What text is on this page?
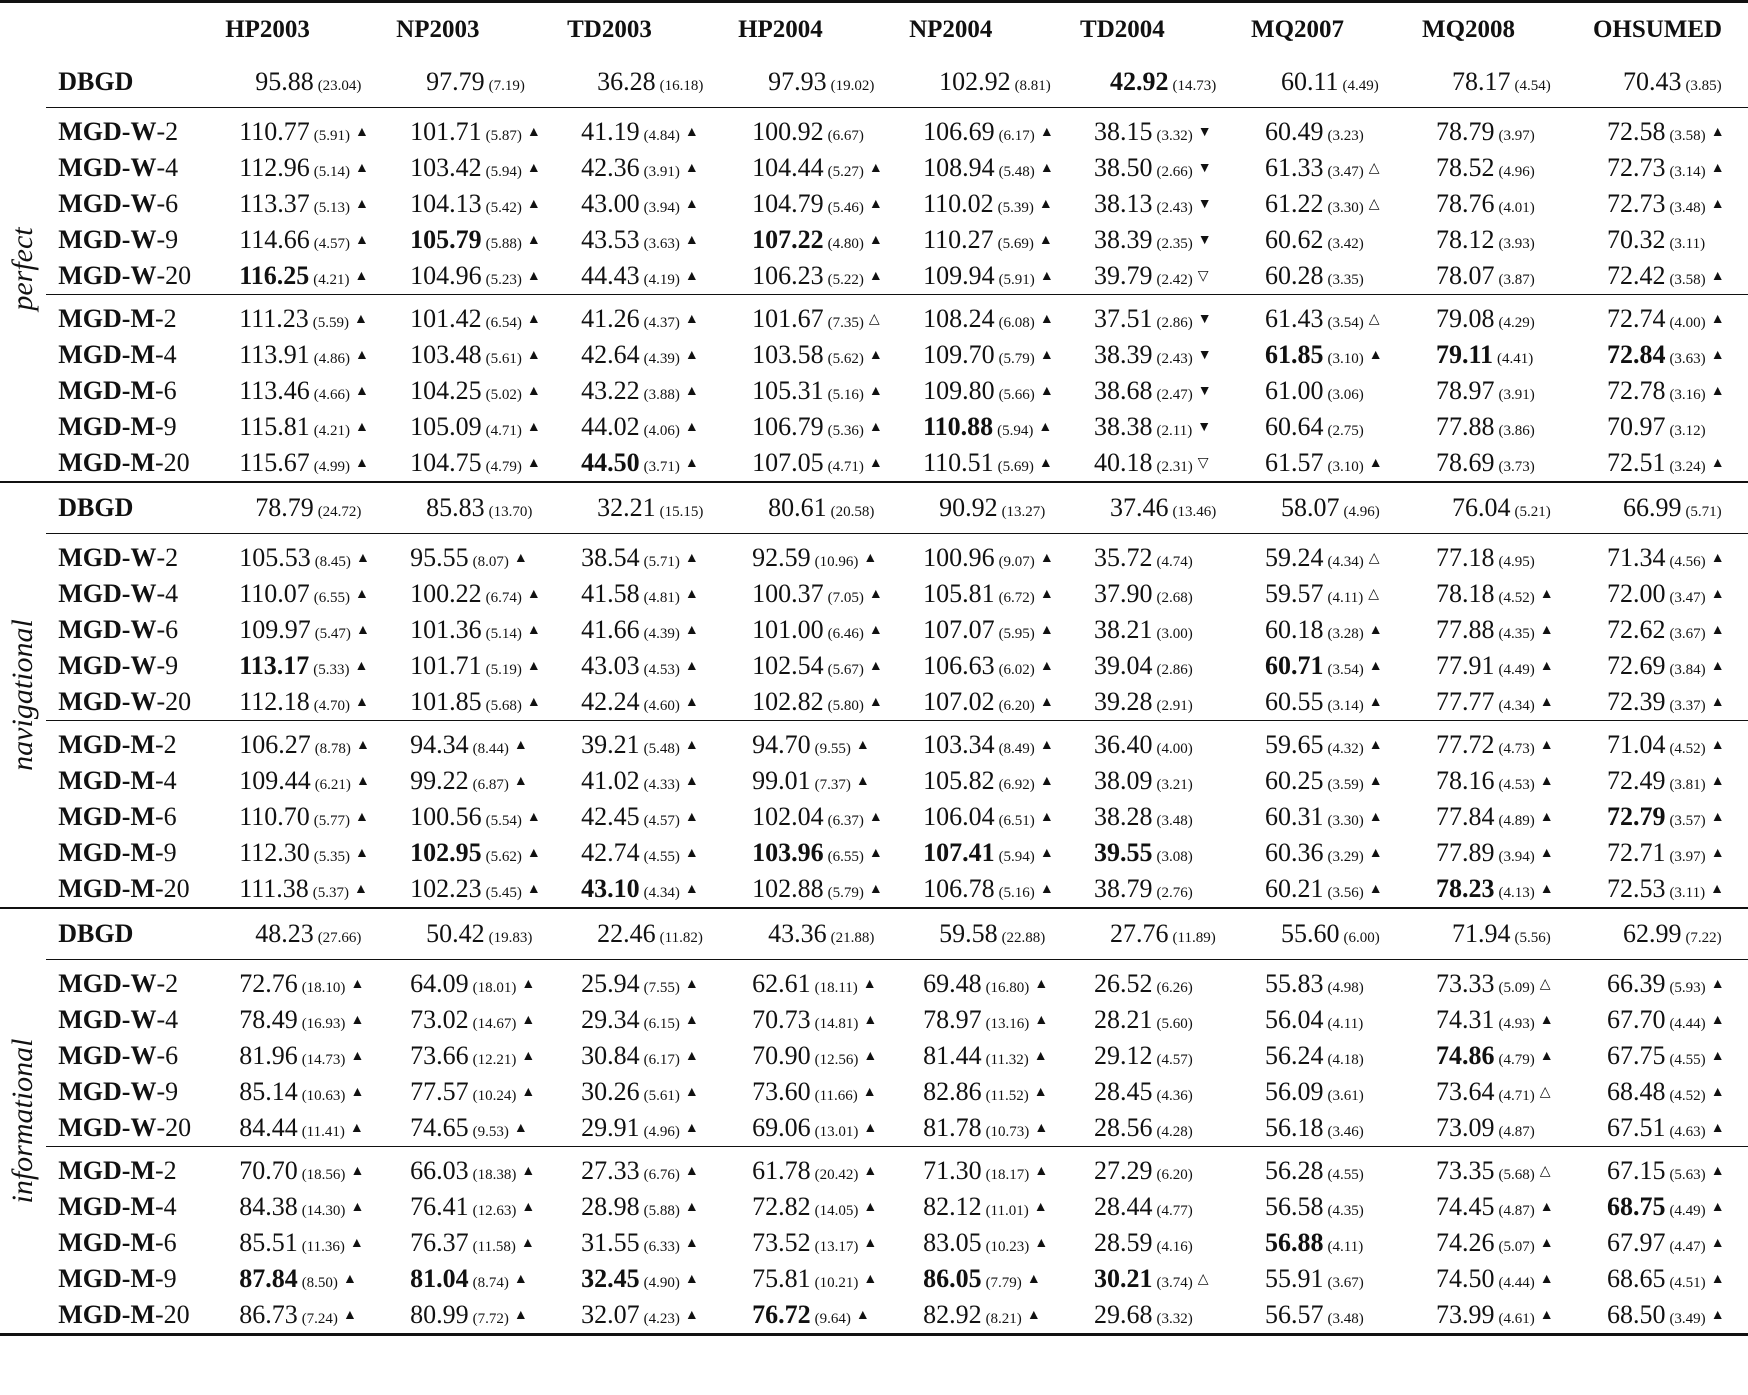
		HP2003	NP2003	TD2003	HP2004	NP2004	TD2004	MQ2007	MQ2008	OHSUMED

perfect	DBGD	95.88 (23.04)	97.79 (7.19)	36.28 (16.18)	97.93 (19.02)	102.92 (8.81)	42.92 (14.73)	60.11 (4.49)	78.17 (4.54)	70.43 (3.85)
	MGD-W-2	110.77 (5.91) ▲	101.71 (5.87) ▲	41.19 (4.84) ▲	100.92 (6.67)	106.69 (6.17) ▲	38.15 (3.32) ▼	60.49 (3.23)	78.79 (3.97)	72.58 (3.58) ▲
	MGD-W-4	112.96 (5.14) ▲	103.42 (5.94) ▲	42.36 (3.91) ▲	104.44 (5.27) ▲	108.94 (5.48) ▲	38.50 (2.66) ▼	61.33 (3.47) △	78.52 (4.96)	72.73 (3.14) ▲
	MGD-W-6	113.37 (5.13) ▲	104.13 (5.42) ▲	43.00 (3.94) ▲	104.79 (5.46) ▲	110.02 (5.39) ▲	38.13 (2.43) ▼	61.22 (3.30) △	78.76 (4.01)	72.73 (3.48) ▲
	MGD-W-9	114.66 (4.57) ▲	105.79 (5.88) ▲	43.53 (3.63) ▲	107.22 (4.80) ▲	110.27 (5.69) ▲	38.39 (2.35) ▼	60.62 (3.42)	78.12 (3.93)	70.32 (3.11)
	MGD-W-20	116.25 (4.21) ▲	104.96 (5.23) ▲	44.43 (4.19) ▲	106.23 (5.22) ▲	109.94 (5.91) ▲	39.79 (2.42) ▽	60.28 (3.35)	78.07 (3.87)	72.42 (3.58) ▲
	MGD-M-2	111.23 (5.59) ▲	101.42 (6.54) ▲	41.26 (4.37) ▲	101.67 (7.35) △	108.24 (6.08) ▲	37.51 (2.86) ▼	61.43 (3.54) △	79.08 (4.29)	72.74 (4.00) ▲
	MGD-M-4	113.91 (4.86) ▲	103.48 (5.61) ▲	42.64 (4.39) ▲	103.58 (5.62) ▲	109.70 (5.79) ▲	38.39 (2.43) ▼	61.85 (3.10) ▲	79.11 (4.41)	72.84 (3.63) ▲
	MGD-M-6	113.46 (4.66) ▲	104.25 (5.02) ▲	43.22 (3.88) ▲	105.31 (5.16) ▲	109.80 (5.66) ▲	38.68 (2.47) ▼	61.00 (3.06)	78.97 (3.91)	72.78 (3.16) ▲
	MGD-M-9	115.81 (4.21) ▲	105.09 (4.71) ▲	44.02 (4.06) ▲	106.79 (5.36) ▲	110.88 (5.94) ▲	38.38 (2.11) ▼	60.64 (2.75)	77.88 (3.86)	70.97 (3.12)
	MGD-M-20	115.67 (4.99) ▲	104.75 (4.79) ▲	44.50 (3.71) ▲	107.05 (4.71) ▲	110.51 (5.69) ▲	40.18 (2.31) ▽	61.57 (3.10) ▲	78.69 (3.73)	72.51 (3.24) ▲

navigational	DBGD	78.79 (24.72)	85.83 (13.70)	32.21 (15.15)	80.61 (20.58)	90.92 (13.27)	37.46 (13.46)	58.07 (4.96)	76.04 (5.21)	66.99 (5.71)
	MGD-W-2	105.53 (8.45) ▲	95.55 (8.07) ▲	38.54 (5.71) ▲	92.59 (10.96) ▲	100.96 (9.07) ▲	35.72 (4.74)	59.24 (4.34) △	77.18 (4.95)	71.34 (4.56) ▲
	MGD-W-4	110.07 (6.55) ▲	100.22 (6.74) ▲	41.58 (4.81) ▲	100.37 (7.05) ▲	105.81 (6.72) ▲	37.90 (2.68)	59.57 (4.11) △	78.18 (4.52) ▲	72.00 (3.47) ▲
	MGD-W-6	109.97 (5.47) ▲	101.36 (5.14) ▲	41.66 (4.39) ▲	101.00 (6.46) ▲	107.07 (5.95) ▲	38.21 (3.00)	60.18 (3.28) ▲	77.88 (4.35) ▲	72.62 (3.67) ▲
	MGD-W-9	113.17 (5.33) ▲	101.71 (5.19) ▲	43.03 (4.53) ▲	102.54 (5.67) ▲	106.63 (6.02) ▲	39.04 (2.86)	60.71 (3.54) ▲	77.91 (4.49) ▲	72.69 (3.84) ▲
	MGD-W-20	112.18 (4.70) ▲	101.85 (5.68) ▲	42.24 (4.60) ▲	102.82 (5.80) ▲	107.02 (6.20) ▲	39.28 (2.91)	60.55 (3.14) ▲	77.77 (4.34) ▲	72.39 (3.37) ▲
	MGD-M-2	106.27 (8.78) ▲	94.34 (8.44) ▲	39.21 (5.48) ▲	94.70 (9.55) ▲	103.34 (8.49) ▲	36.40 (4.00)	59.65 (4.32) ▲	77.72 (4.73) ▲	71.04 (4.52) ▲
	MGD-M-4	109.44 (6.21) ▲	99.22 (6.87) ▲	41.02 (4.33) ▲	99.01 (7.37) ▲	105.82 (6.92) ▲	38.09 (3.21)	60.25 (3.59) ▲	78.16 (4.53) ▲	72.49 (3.81) ▲
	MGD-M-6	110.70 (5.77) ▲	100.56 (5.54) ▲	42.45 (4.57) ▲	102.04 (6.37) ▲	106.04 (6.51) ▲	38.28 (3.48)	60.31 (3.30) ▲	77.84 (4.89) ▲	72.79 (3.57) ▲
	MGD-M-9	112.30 (5.35) ▲	102.95 (5.62) ▲	42.74 (4.55) ▲	103.96 (6.55) ▲	107.41 (5.94) ▲	39.55 (3.08)	60.36 (3.29) ▲	77.89 (3.94) ▲	72.71 (3.97) ▲
	MGD-M-20	111.38 (5.37) ▲	102.23 (5.45) ▲	43.10 (4.34) ▲	102.88 (5.79) ▲	106.78 (5.16) ▲	38.79 (2.76)	60.21 (3.56) ▲	78.23 (4.13) ▲	72.53 (3.11) ▲

informational	DBGD	48.23 (27.66)	50.42 (19.83)	22.46 (11.82)	43.36 (21.88)	59.58 (22.88)	27.76 (11.89)	55.60 (6.00)	71.94 (5.56)	62.99 (7.22)
	MGD-W-2	72.76 (18.10) ▲	64.09 (18.01) ▲	25.94 (7.55) ▲	62.61 (18.11) ▲	69.48 (16.80) ▲	26.52 (6.26)	55.83 (4.98)	73.33 (5.09) △	66.39 (5.93) ▲
	MGD-W-4	78.49 (16.93) ▲	73.02 (14.67) ▲	29.34 (6.15) ▲	70.73 (14.81) ▲	78.97 (13.16) ▲	28.21 (5.60)	56.04 (4.11)	74.31 (4.93) ▲	67.70 (4.44) ▲
	MGD-W-6	81.96 (14.73) ▲	73.66 (12.21) ▲	30.84 (6.17) ▲	70.90 (12.56) ▲	81.44 (11.32) ▲	29.12 (4.57)	56.24 (4.18)	74.86 (4.79) ▲	67.75 (4.55) ▲
	MGD-W-9	85.14 (10.63) ▲	77.57 (10.24) ▲	30.26 (5.61) ▲	73.60 (11.66) ▲	82.86 (11.52) ▲	28.45 (4.36)	56.09 (3.61)	73.64 (4.71) △	68.48 (4.52) ▲
	MGD-W-20	84.44 (11.41) ▲	74.65 (9.53) ▲	29.91 (4.96) ▲	69.06 (13.01) ▲	81.78 (10.73) ▲	28.56 (4.28)	56.18 (3.46)	73.09 (4.87)	67.51 (4.63) ▲
	MGD-M-2	70.70 (18.56) ▲	66.03 (18.38) ▲	27.33 (6.76) ▲	61.78 (20.42) ▲	71.30 (18.17) ▲	27.29 (6.20)	56.28 (4.55)	73.35 (5.68) △	67.15 (5.63) ▲
	MGD-M-4	84.38 (14.30) ▲	76.41 (12.63) ▲	28.98 (5.88) ▲	72.82 (14.05) ▲	82.12 (11.01) ▲	28.44 (4.77)	56.58 (4.35)	74.45 (4.87) ▲	68.75 (4.49) ▲
	MGD-M-6	85.51 (11.36) ▲	76.37 (11.58) ▲	31.55 (6.33) ▲	73.52 (13.17) ▲	83.05 (10.23) ▲	28.59 (4.16)	56.88 (4.11)	74.26 (5.07) ▲	67.97 (4.47) ▲
	MGD-M-9	87.84 (8.50) ▲	81.04 (8.74) ▲	32.45 (4.90) ▲	75.81 (10.21) ▲	86.05 (7.79) ▲	30.21 (3.74) △	55.91 (3.67)	74.50 (4.44) ▲	68.65 (4.51) ▲
	MGD-M-20	86.73 (7.24) ▲	80.99 (7.72) ▲	32.07 (4.23) ▲	76.72 (9.64) ▲	82.92 (8.21) ▲	29.68 (3.32)	56.57 (3.48)	73.99 (4.61) ▲	68.50 (3.49) ▲
